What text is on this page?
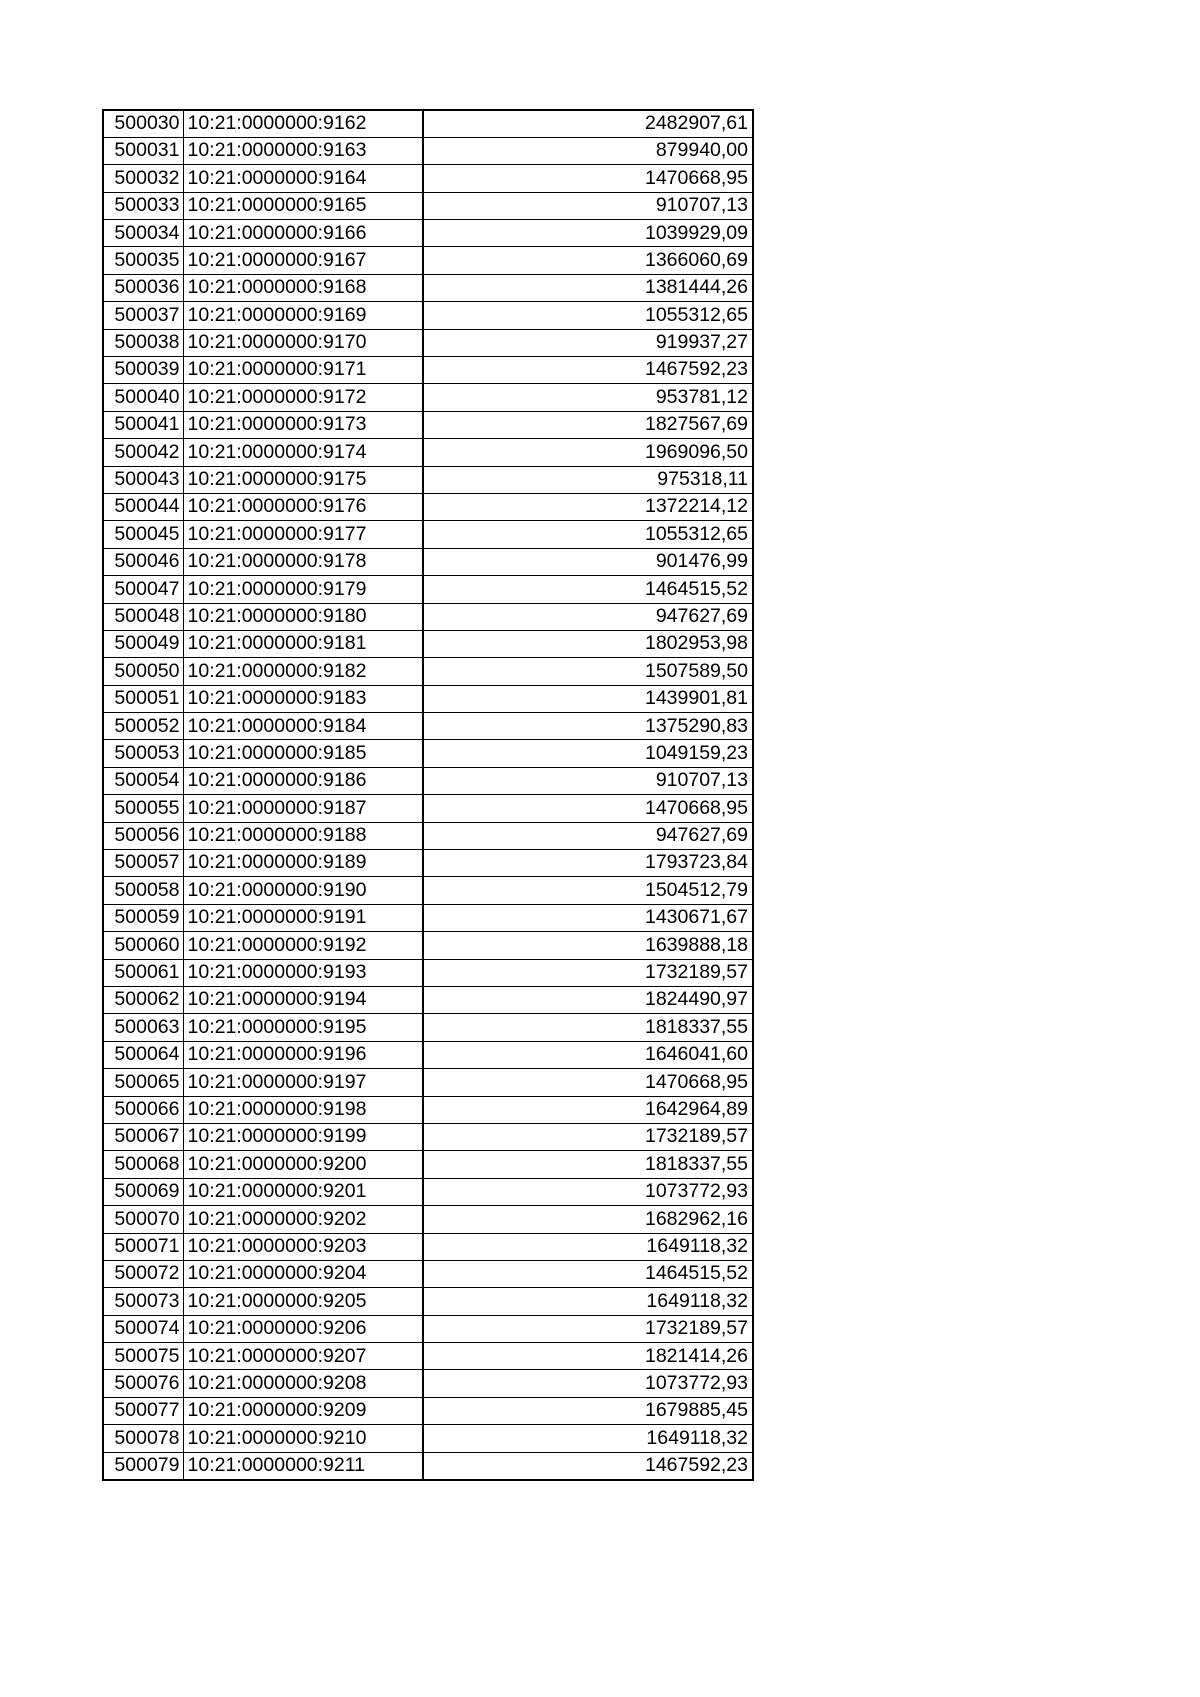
500030	10:21:0000000:9162	2482907,61
500031	10:21:0000000:9163	879940,00
500032	10:21:0000000:9164	1470668,95
500033	10:21:0000000:9165	910707,13
500034	10:21:0000000:9166	1039929,09
500035	10:21:0000000:9167	1366060,69
500036	10:21:0000000:9168	1381444,26
500037	10:21:0000000:9169	1055312,65
500038	10:21:0000000:9170	919937,27
500039	10:21:0000000:9171	1467592,23
500040	10:21:0000000:9172	953781,12
500041	10:21:0000000:9173	1827567,69
500042	10:21:0000000:9174	1969096,50
500043	10:21:0000000:9175	975318,11
500044	10:21:0000000:9176	1372214,12
500045	10:21:0000000:9177	1055312,65
500046	10:21:0000000:9178	901476,99
500047	10:21:0000000:9179	1464515,52
500048	10:21:0000000:9180	947627,69
500049	10:21:0000000:9181	1802953,98
500050	10:21:0000000:9182	1507589,50
500051	10:21:0000000:9183	1439901,81
500052	10:21:0000000:9184	1375290,83
500053	10:21:0000000:9185	1049159,23
500054	10:21:0000000:9186	910707,13
500055	10:21:0000000:9187	1470668,95
500056	10:21:0000000:9188	947627,69
500057	10:21:0000000:9189	1793723,84
500058	10:21:0000000:9190	1504512,79
500059	10:21:0000000:9191	1430671,67
500060	10:21:0000000:9192	1639888,18
500061	10:21:0000000:9193	1732189,57
500062	10:21:0000000:9194	1824490,97
500063	10:21:0000000:9195	1818337,55
500064	10:21:0000000:9196	1646041,60
500065	10:21:0000000:9197	1470668,95
500066	10:21:0000000:9198	1642964,89
500067	10:21:0000000:9199	1732189,57
500068	10:21:0000000:9200	1818337,55
500069	10:21:0000000:9201	1073772,93
500070	10:21:0000000:9202	1682962,16
500071	10:21:0000000:9203	1649118,32
500072	10:21:0000000:9204	1464515,52
500073	10:21:0000000:9205	1649118,32
500074	10:21:0000000:9206	1732189,57
500075	10:21:0000000:9207	1821414,26
500076	10:21:0000000:9208	1073772,93
500077	10:21:0000000:9209	1679885,45
500078	10:21:0000000:9210	1649118,32
500079	10:21:0000000:9211	1467592,23
